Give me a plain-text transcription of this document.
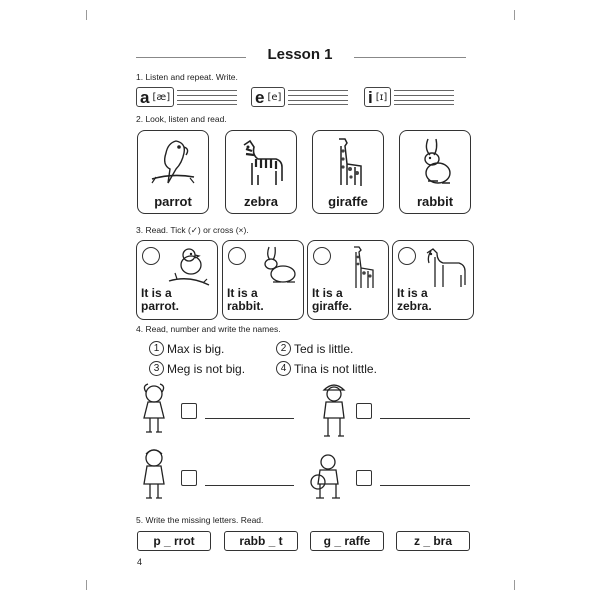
Lesson 1
1. Listen and repeat. Write.
a [æ]	e [e]	i [ɪ]
2. Look, listen and read.
parrot	zebra	giraffe	rabbit
3. Read. Tick (✓) or cross (×).
It is a
parrot.
It is a
rabbit.
It is a
giraffe.
It is a
zebra.
4. Read, number and write the names.
1 Max is big.	2 Ted is little.
3 Meg is not big.	4 Tina is not little.
5. Write the missing letters. Read.
p _ rrot	rabb _ t	g _ raffe	z _ bra
4
